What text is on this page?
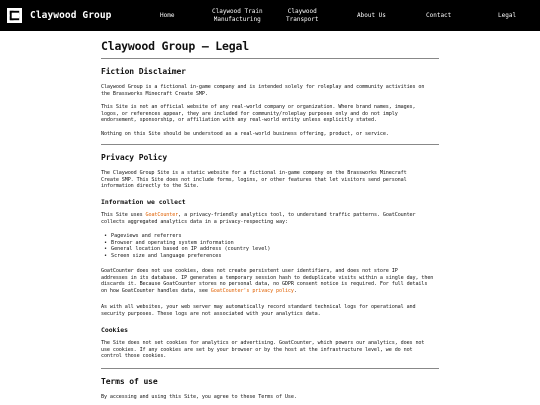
Claywood Group	Home
Claywood Train
Manufacturing
Claywood
Transport	About Us	Contact	Legal
Claywood Group – Legal
Fiction Disclaimer
Claywood Group is a fictional in-game company and is intended solely for roleplay and community activities on
the Brassworks Minecraft Create SMP.
This Site is not an official website of any real-world company or organization. Where brand names, images,
logos, or references appear, they are included for community/roleplay purposes only and do not imply
endorsement, sponsorship, or affiliation with any real-world entity unless explicitly stated.
Nothing on this Site should be understood as a real-world business offering, product, or service.
Privacy Policy
The Claywood Group Site is a static website for a fictional in-game company on the Brassworks Minecraft
Create SMP. This Site does not include forms, logins, or other features that let visitors send personal
information directly to the Site.
Information we collect
This Site uses GoatCounter, a privacy-friendly analytics tool, to understand traffic patterns. GoatCounter
collects aggregated analytics data in a privacy-respecting way:
• Pageviews and referrers
• Browser and operating system information
• General location based on IP address (country level)
• Screen size and language preferences
GoatCounter does not use cookies, does not create persistent user identifiers, and does not store IP
addresses in its database. IP generates a temporary session hash to deduplicate visits within a single day, then
discards it. Because GoatCounter stores no personal data, no GDPR consent notice is required. For full details
on how GoatCounter handles data, see GoatCounter's privacy policy.
As with all websites, your web server may automatically record standard technical logs for operational and
security purposes. These logs are not associated with your analytics data.
Cookies
The Site does not set cookies for analytics or advertising. GoatCounter, which powers our analytics, does not
use cookies. If any cookies are set by your browser or by the host at the infrastructure level, we do not
control those cookies.
Terms of use
By accessing and using this Site, you agree to these Terms of Use.
